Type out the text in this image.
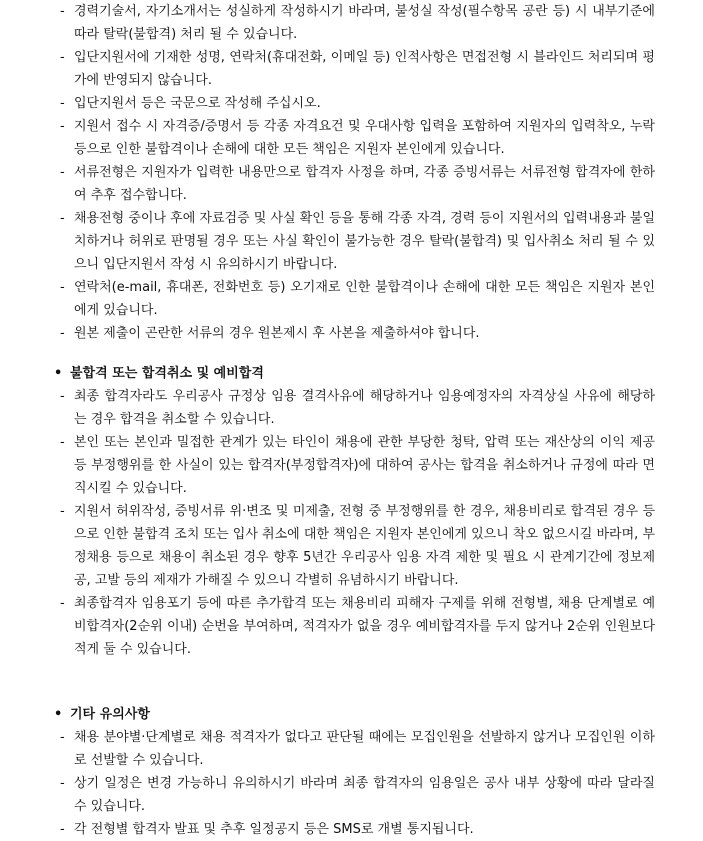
- 경력기술서, 자기소개서는 성실하게 작성하시기 바라며, 불성실 작성(필수항목 공란 등) 시 내부기준에 따라 탈락(불합격) 처리 될 수 있습니다.
- 입단지원서에 기재한 성명, 연락처(휴대전화, 이메일 등) 인적사항은 면접전형 시 블라인드 처리되며 평가에 반영되지 않습니다.
- 입단지원서 등은 국문으로 작성해 주십시오.
- 지원서 접수 시 자격증/증명서 등 각종 자격요건 및 우대사항 입력을 포함하여 지원자의 입력착오, 누락 등으로 인한 불합격이나 손해에 대한 모든 책임은 지원자 본인에게 있습니다.
- 서류전형은 지원자가 입력한 내용만으로 합격자 사정을 하며, 각종 증빙서류는 서류전형 합격자에 한하여 추후 접수합니다.
- 채용전형 중이나 후에 자료검증 및 사실 확인 등을 통해 각종 자격, 경력 등이 지원서의 입력내용과 불일치하거나 허위로 판명될 경우 또는 사실 확인이 불가능한 경우 탈락(불합격) 및 입사취소 처리 될 수 있으니 입단지원서 작성 시 유의하시기 바랍니다.
- 연락처(e-mail, 휴대폰, 전화번호 등) 오기재로 인한 불합격이나 손해에 대한 모든 책임은 지원자 본인에게 있습니다.
- 원본 제출이 곤란한 서류의 경우 원본제시 후 사본을 제출하셔야 합니다.
• 불합격 또는 합격취소 및 예비합격
- 최종 합격자라도 우리공사 규정상 임용 결격사유에 해당하거나 임용예정자의 자격상실 사유에 해당하는 경우 합격을 취소할 수 있습니다.
- 본인 또는 본인과 밀접한 관계가 있는 타인이 채용에 관한 부당한 청탁, 압력 또는 재산상의 이익 제공 등 부정행위를 한 사실이 있는 합격자(부정합격자)에 대하여 공사는 합격을 취소하거나 규정에 따라 면직시킬 수 있습니다.
- 지원서 허위작성, 증빙서류 위·변조 및 미제출, 전형 중 부정행위를 한 경우, 채용비리로 합격된 경우 등으로 인한 불합격 조치 또는 입사 취소에 대한 책임은 지원자 본인에게 있으니 착오 없으시길 바라며, 부정채용 등으로 채용이 취소된 경우 향후 5년간 우리공사 임용 자격 제한 및 필요 시 관계기간에 정보제공, 고발 등의 제재가 가해질 수 있으니 각별히 유념하시기 바랍니다.
- 최종합격자 임용포기 등에 따른 추가합격 또는 채용비리 피해자 구제를 위해 전형별, 채용 단계별로 예비합격자(2순위 이내) 순번을 부여하며, 적격자가 없을 경우 예비합격자를 두지 않거나 2순위 인원보다 적게 둘 수 있습니다.
• 기타 유의사항
- 채용 분야별·단계별로 채용 적격자가 없다고 판단될 때에는 모집인원을 선발하지 않거나 모집인원 이하로 선발할 수 있습니다.
- 상기 일정은 변경 가능하니 유의하시기 바라며 최종 합격자의 임용일은 공사 내부 상황에 따라 달라질 수 있습니다.
- 각 전형별 합격자 발표 및 추후 일정공지 등은 SMS로 개별 통지됩니다.
